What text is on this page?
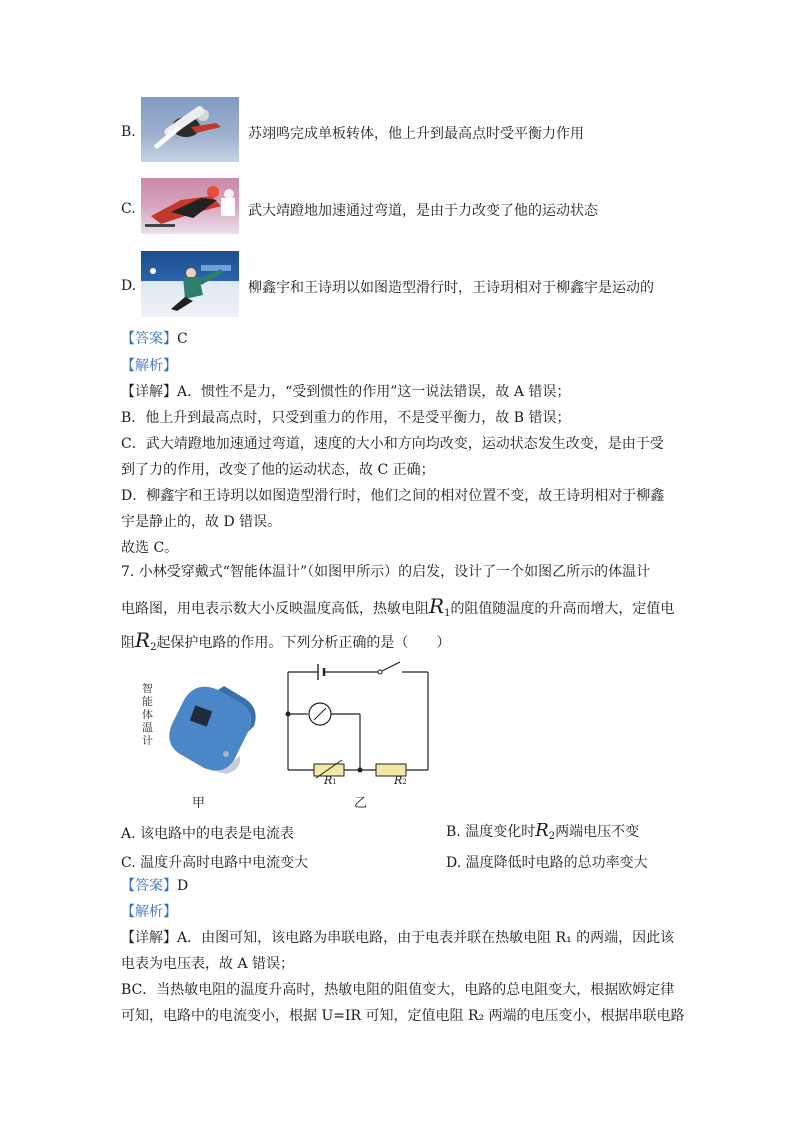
B.	苏翊鸣完成单板转体，他上升到最高点时受平衡力作用
C.	武大靖蹬地加速通过弯道，是由于力改变了他的运动状态
D.	柳鑫宇和王诗玥以如图造型滑行时，王诗玥相对于柳鑫宇是运动的
【答案】C
【解析】
【详解】A．惯性不是力，“受到惯性的作用”这一说法错误，故 A 错误；
B．他上升到最高点时，只受到重力的作用，不是受平衡力，故 B 错误；
C．武大靖蹬地加速通过弯道，速度的大小和方向均改变，运动状态发生改变，是由于受
到了力的作用，改变了他的运动状态，故 C 正确；
D．柳鑫宇和王诗玥以如图造型滑行时，他们之间的相对位置不变，故王诗玥相对于柳鑫
宇是静止的，故 D 错误。
故选 C。
7. 小林受穿戴式“智能体温计”（如图甲所示）的启发，设计了一个如图乙所示的体温计
电路图，用电表示数大小反映温度高低，热敏电阻$R_1$的阻值随温度的升高而增大，定值电
阻$R_2$起保护电路的作用。下列分析正确的是（　　）
智
能
体
温
计
甲
R1	R2
乙
A. 该电路中的电表是电流表	B. 温度变化时$R_2$两端电压不变
C. 温度升高时电路中电流变大	D. 温度降低时电路的总功率变大
【答案】D
【解析】
【详解】A．由图可知，该电路为串联电路，由于电表并联在热敏电阻 R₁ 的两端，因此该
电表为电压表，故 A 错误；
BC．当热敏电阻的温度升高时，热敏电阻的阻值变大，电路的总电阻变大，根据欧姆定律
可知，电路中的电流变小，根据 U=IR 可知，定值电阻 R₂ 两端的电压变小，根据串联电路
